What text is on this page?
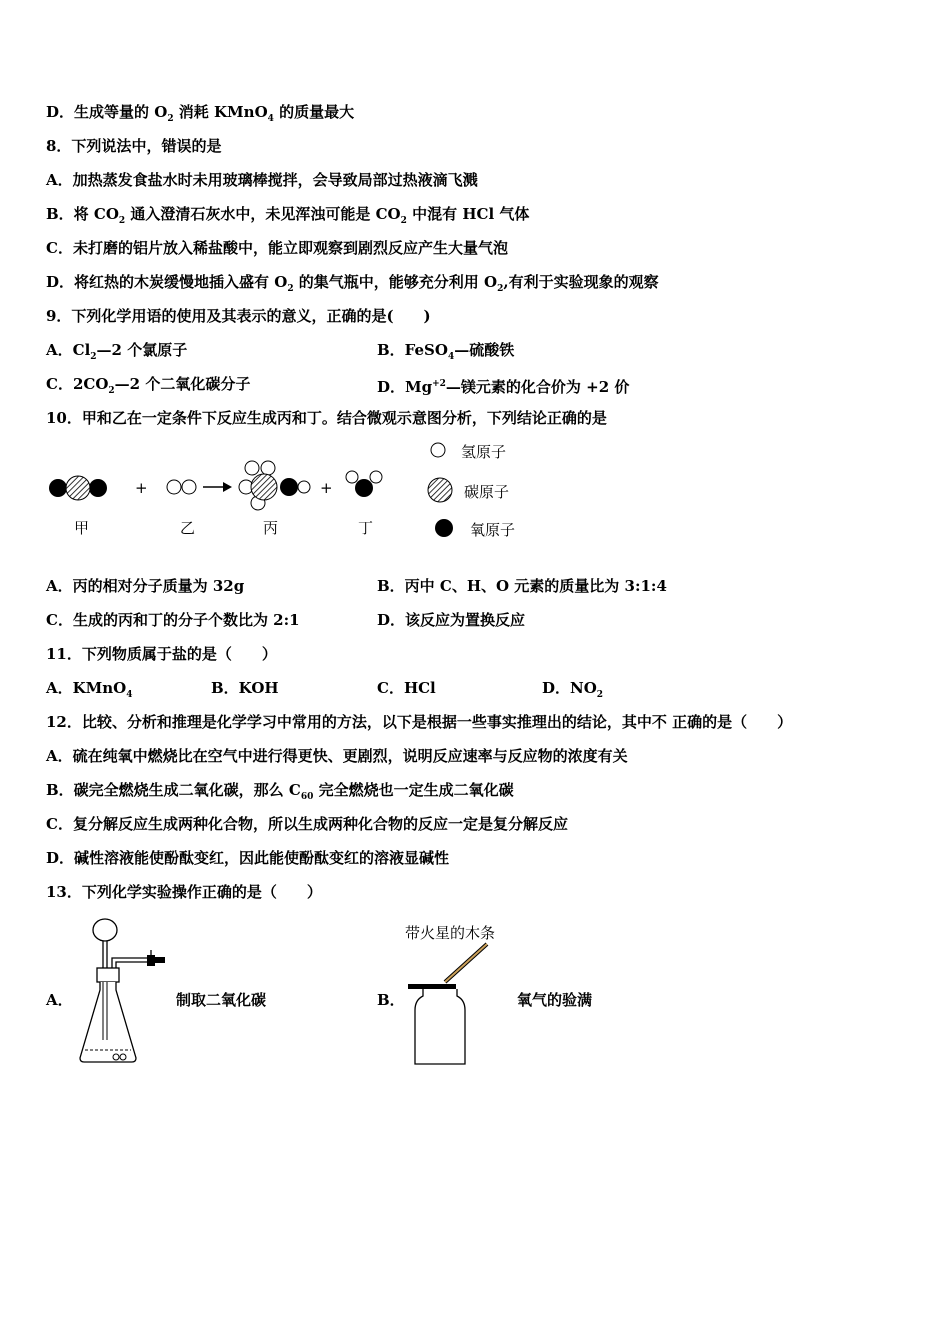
D．生成等量的 $O_2$ 消耗 KMnO$_4$ 的质量最大
8．下列说法中，错误的是
A．加热蒸发食盐水时未用玻璃棒搅拌，会导致局部过热液滴飞溅
B．将 $CO_2$ 通入澄清石灰水中，未见浑浊可能是 $CO_2$ 中混有 HCl 气体
C．未打磨的铝片放入稀盐酸中，能立即观察到剧烈反应产生大量气泡
D．将红热的木炭缓慢地插入盛有 $O_2$ 的集气瓶中，能够充分利用 $O_2$,有利于实验现象的观察
9．下列化学用语的使用及其表示的意义，正确的是(　　)
A．$Cl_2—2$ 个氯原子	B．FeSO$_4$—硫酸铁
C．$2CO_2—2$ 个二氧化碳分子	D．$Mg^{+2}—$镁元素的化合价为 +2 价
10．甲和乙在一定条件下反应生成丙和丁。结合微观示意图分析，下列结论正确的是
+	+
氢原子
碳原子
氧原子
甲	乙	丙	丁
A．丙的相对分子质量为 32g	B．丙中 C、H、O 元素的质量比为 3:1:4
C．生成的丙和丁的分子个数比为 2:1	D．该反应为置换反应
11．下列物质属于盐的是（　　）
A．KMnO$_4$	B．KOH	C．HCl	D．$NO_2$
12．比较、分析和推理是化学学习中常用的方法，以下是根据一些事实推理出的结论，其中不 正确的是（　　）
A．硫在纯氧中燃烧比在空气中进行得更快、更剧烈，说明反应速率与反应物的浓度有关
B．碳完全燃烧生成二氧化碳，那么 $C_{60}$ 完全燃烧也一定生成二氧化碳
C．复分解反应生成两种化合物，所以生成两种化合物的反应一定是复分解反应
D．碱性溶液能使酚酞变红，因此能使酚酞变红的溶液显碱性
13．下列化学实验操作正确的是（　　）
A．	制取二氧化碳	B．
带火星的木条
氧气的验满
